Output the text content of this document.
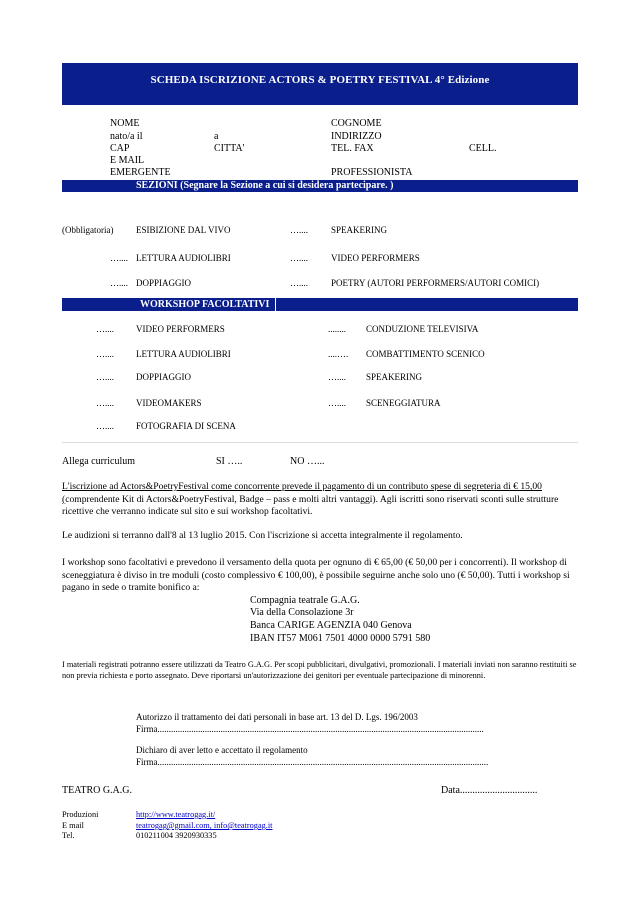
SCHEDA ISCRIZIONE ACTORS & POETRY FESTIVAL 4° Edizione
NOME	COGNOME
nato/a il	a	INDIRIZZO
CAP	CITTA'	TEL. FAX	CELL.
E MAIL
EMERGENTE	PROFESSIONISTA
SEZIONI (Segnare la Sezione a cui si desidera partecipare. )
(Obbligatoria)	ESIBIZIONE DAL VIVO	…....	SPEAKERING
….... LETTURA AUDIOLIBRI	…....	VIDEO PERFORMERS
….... DOPPIAGGIO	…....	POETRY (AUTORI PERFORMERS/AUTORI COMICI)
WORKSHOP FACOLTATIVI
….... VIDEO PERFORMERS	........ CONDUZIONE TELEVISIVA
….... LETTURA AUDIOLIBRI	....…. COMBATTIMENTO SCENICO
….... DOPPIAGGIO	….... SPEAKERING
….... VIDEOMAKERS	….... SCENEGGIATURA
….... FOTOGRAFIA DI SCENA
Allega curriculum	SI …..	NO …...
L'iscrizione ad Actors&PoetryFestival come concorrente prevede il pagamento di un contributo spese di segreteria di € 15,00 (comprendente Kit di Actors&PoetryFestival, Badge – pass e molti altri vantaggi). Agli iscritti sono riservati sconti sulle strutture ricettive che verranno indicate sul sito e sui workshop facoltativi.
Le audizioni si terranno dall'8 al 13 luglio 2015. Con l'iscrizione si accetta integralmente il regolamento.
I workshop sono facoltativi e prevedono il versamento della quota per ognuno di € 65,00 (€ 50,00 per i concorrenti). Il workshop di sceneggiatura è diviso in tre moduli (costo complessivo € 100,00), è possibile seguirne anche solo uno (€ 50,00). Tutti i workshop si pagano in sede o tramite bonifico a:
Compagnia teatrale G.A.G.
Via della Consolazione 3r
Banca CARIGE AGENZIA 040 Genova
IBAN IT57 M061 7501 4000 0000 5791 580
I materiali registrati potranno essere utilizzati da Teatro G.A.G. Per scopi pubblicitari, divulgativi, promozionali. I materiali inviati non saranno restituiti se non previa richiesta e porto assegnato. Deve riportarsi un'autorizzazione dei genitori per eventuale partecipazione di minorenni.
Autorizzo il trattamento dei dati personali in base art. 13 del D. Lgs. 196/2003
Firma.................................................................................................................................................
Dichiaro di aver letto e accettato il regolamento
Firma...................................................................................................................................................
TEATRO G.A.G.	Data...............................
Produzioni	http://www.teatrogag.it/
E mail	teatrogag@gmail.com, info@teatrogag.it
Tel.	010211004 3920930335
